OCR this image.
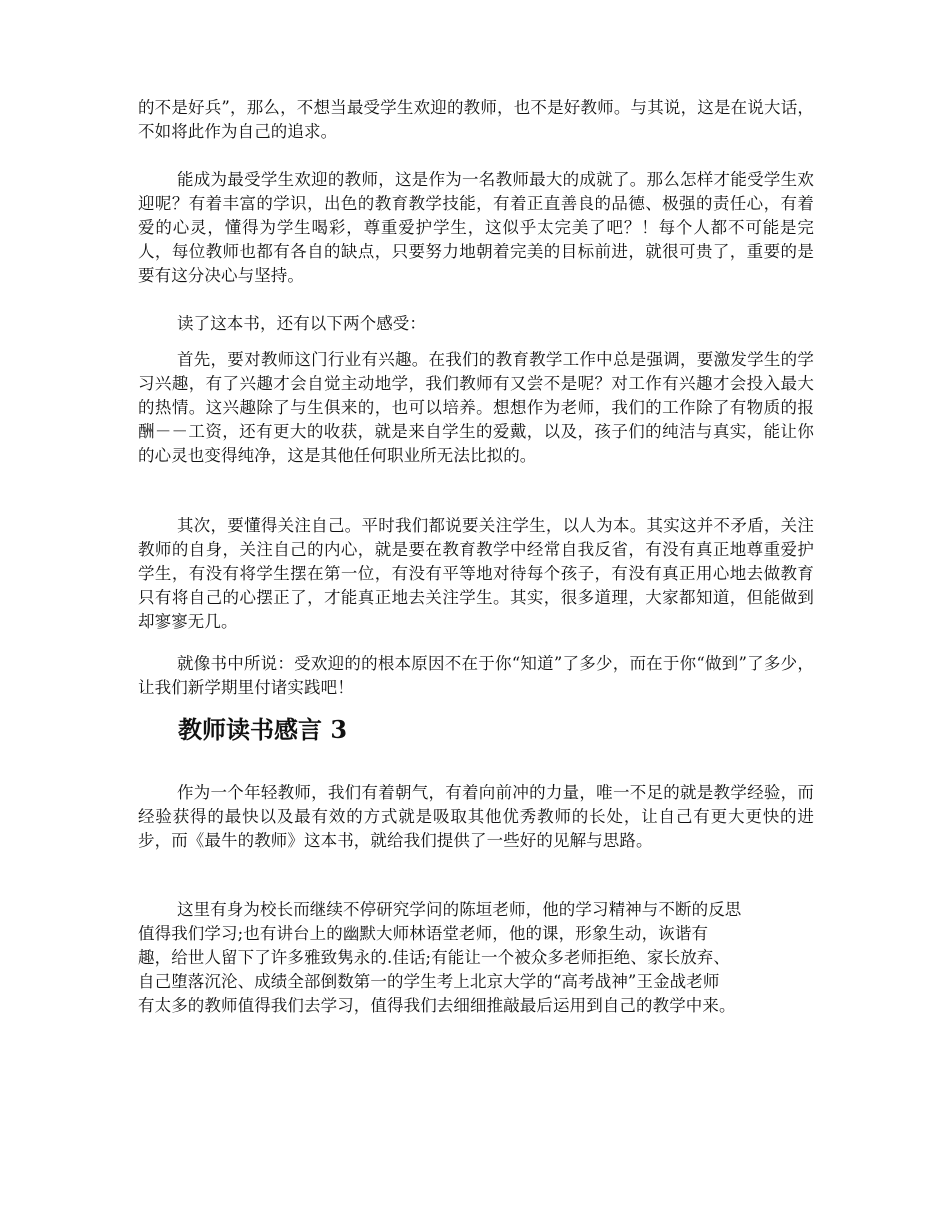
的不是好兵”，那么，不想当最受学生欢迎的教师，也不是好教师。与其说，这是在说大话，不如将此作为自己的追求。

能成为最受学生欢迎的教师，这是作为一名教师最大的成就了。那么怎样才能受学生欢迎呢？有着丰富的学识，出色的教育教学技能，有着正直善良的品德、极强的责任心，有着爱的心灵，懂得为学生喝彩，尊重爱护学生，这似乎太完美了吧？！每个人都不可能是完人，每位教师也都有各自的缺点，只要努力地朝着完美的目标前进，就很可贵了，重要的是要有这分决心与坚持。

读了这本书，还有以下两个感受：

首先，要对教师这门行业有兴趣。在我们的教育教学工作中总是强调，要激发学生的学习兴趣，有了兴趣才会自觉主动地学，我们教师有又尝不是呢？对工作有兴趣才会投入最大的热情。这兴趣除了与生俱来的，也可以培养。想想作为老师，我们的工作除了有物质的报酬－－工资，还有更大的收获，就是来自学生的爱戴，以及，孩子们的纯洁与真实，能让你的心灵也变得纯净，这是其他任何职业所无法比拟的。

其次，要懂得关注自己。平时我们都说要关注学生，以人为本。其实这并不矛盾，关注教师的自身，关注自己的内心，就是要在教育教学中经常自我反省，有没有真正地尊重爱护学生，有没有将学生摆在第一位，有没有平等地对待每个孩子，有没有真正用心地去做教育只有将自己的心摆正了，才能真正地去关注学生。其实，很多道理，大家都知道，但能做到却寥寥无几。

就像书中所说：受欢迎的的根本原因不在于你“知道”了多少，而在于你“做到”了多少，让我们新学期里付诸实践吧！

教师读书感言 3

作为一个年轻教师，我们有着朝气，有着向前冲的力量，唯一不足的就是教学经验，而经验获得的最快以及最有效的方式就是吸取其他优秀教师的长处，让自己有更大更快的进步，而《最牛的教师》这本书，就给我们提供了一些好的见解与思路。

这里有身为校长而继续不停研究学问的陈垣老师，他的学习精神与不断的反思
值得我们学习;也有讲台上的幽默大师林语堂老师，他的课，形象生动，诙谐有
趣，给世人留下了许多雅致隽永的.佳话;有能让一个被众多老师拒绝、家长放弃、
自己堕落沉沦、成绩全部倒数第一的学生考上北京大学的“高考战神”王金战老师
有太多的教师值得我们去学习，值得我们去细细推敲最后运用到自己的教学中来。
